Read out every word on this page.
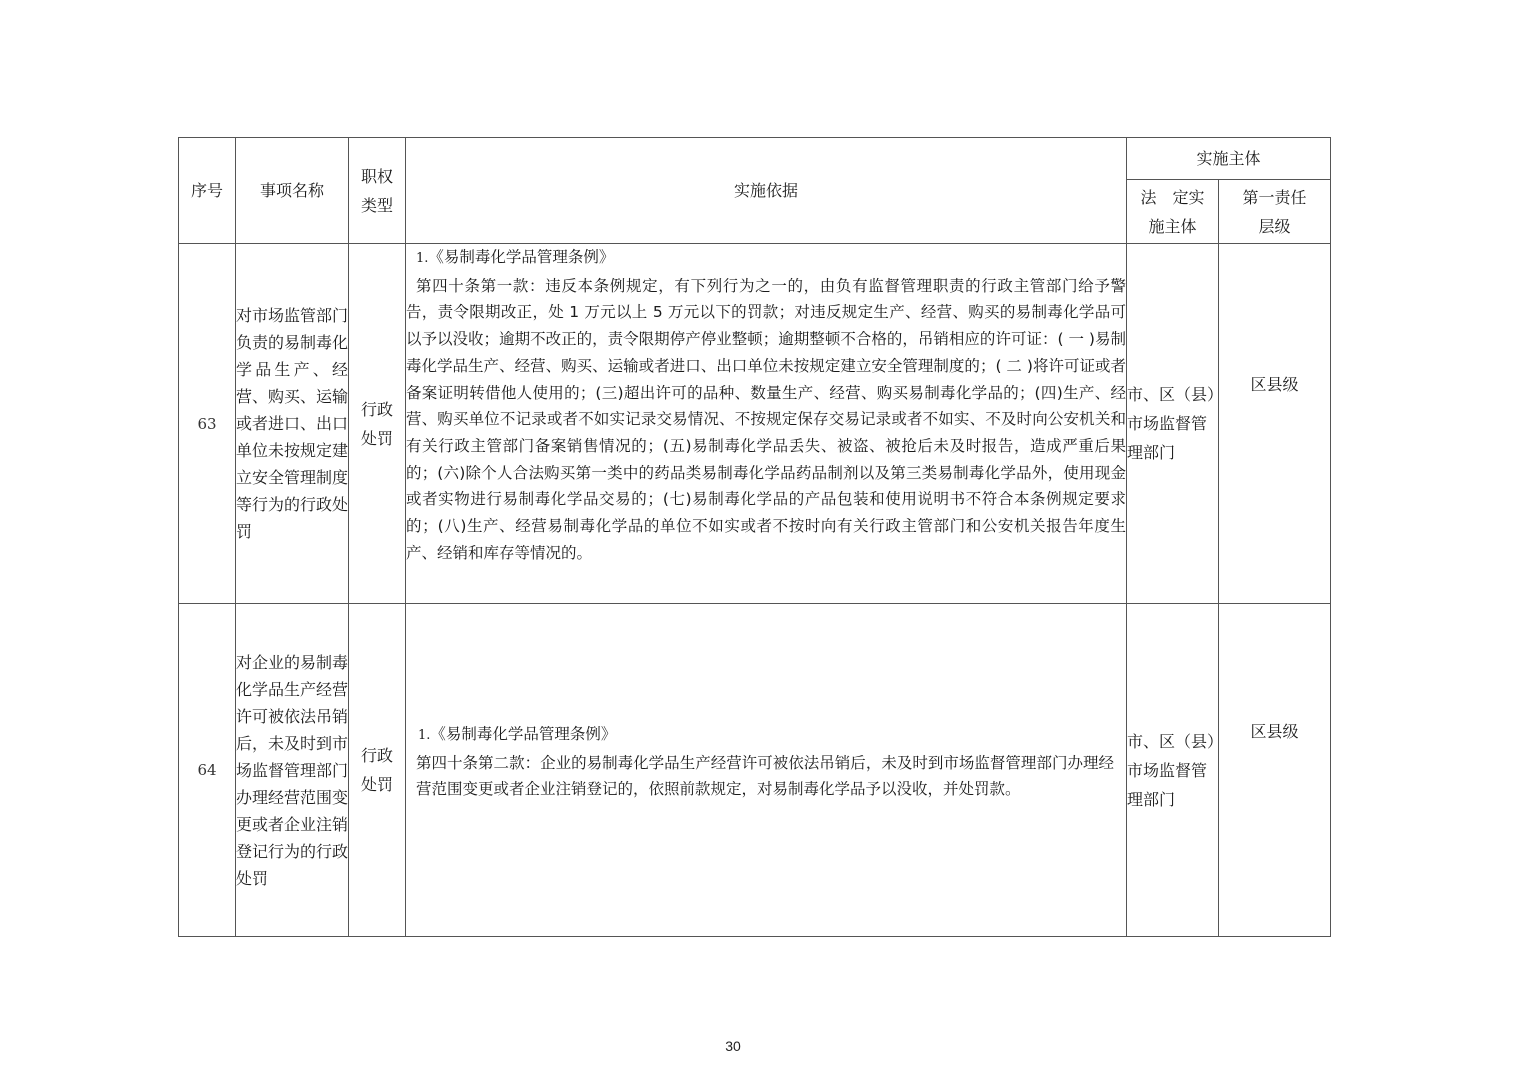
序号	事项名称	职权类型	实施依据	实施主体	

				法　定实施主体	第一责任层级

63	对市场监管部门负责的易制毒化学品生产、经营、购买、运输或者进口、出口单位未按规定建立安全管理制度等行为的行政处罚	行政处罚	1.《易制毒化学品管理条例》
第四十条第一款：违反本条例规定，有下列行为之一的，由负有监督管理职责的行政主管部门给予警告，责令限期改正，处 1 万元以上 5 万元以下的罚款；对违反规定生产、经营、购买的易制毒化学品可以予以没收；逾期不改正的，责令限期停产停业整顿；逾期整顿不合格的，吊销相应的许可证：( 一 )易制毒化学品生产、经营、购买、运输或者进口、出口单位未按规定建立安全管理制度的；( 二 )将许可证或者备案证明转借他人使用的；(三)超出许可的品种、数量生产、经营、购买易制毒化学品的；(四)生产、经营、购买单位不记录或者不如实记录交易情况、不按规定保存交易记录或者不如实、不及时向公安机关和有关行政主管部门备案销售情况的；(五)易制毒化学品丢失、被盗、被抢后未及时报告，造成严重后果的；(六)除个人合法购买第一类中的药品类易制毒化学品药品制剂以及第三类易制毒化学品外，使用现金或者实物进行易制毒化学品交易的；(七)易制毒化学品的产品包装和使用说明书不符合本条例规定要求的；(八)生产、经营易制毒化学品的单位不如实或者不按时向有关行政主管部门和公安机关报告年度生产、经销和库存等情况的。	市、区（县）市场监督管理部门	区县级
64	对企业的易制毒化学品生产经营许可被依法吊销后，未及时到市场监督管理部门办理经营范围变更或者企业注销登记行为的行政处罚	行政处罚	1.《易制毒化学品管理条例》
第四十条第二款：企业的易制毒化学品生产经营许可被依法吊销后，未及时到市场监督管理部门办理经营范围变更或者企业注销登记的，依照前款规定，对易制毒化学品予以没收，并处罚款。	市、区（县）市场监督管理部门	区县级
30
